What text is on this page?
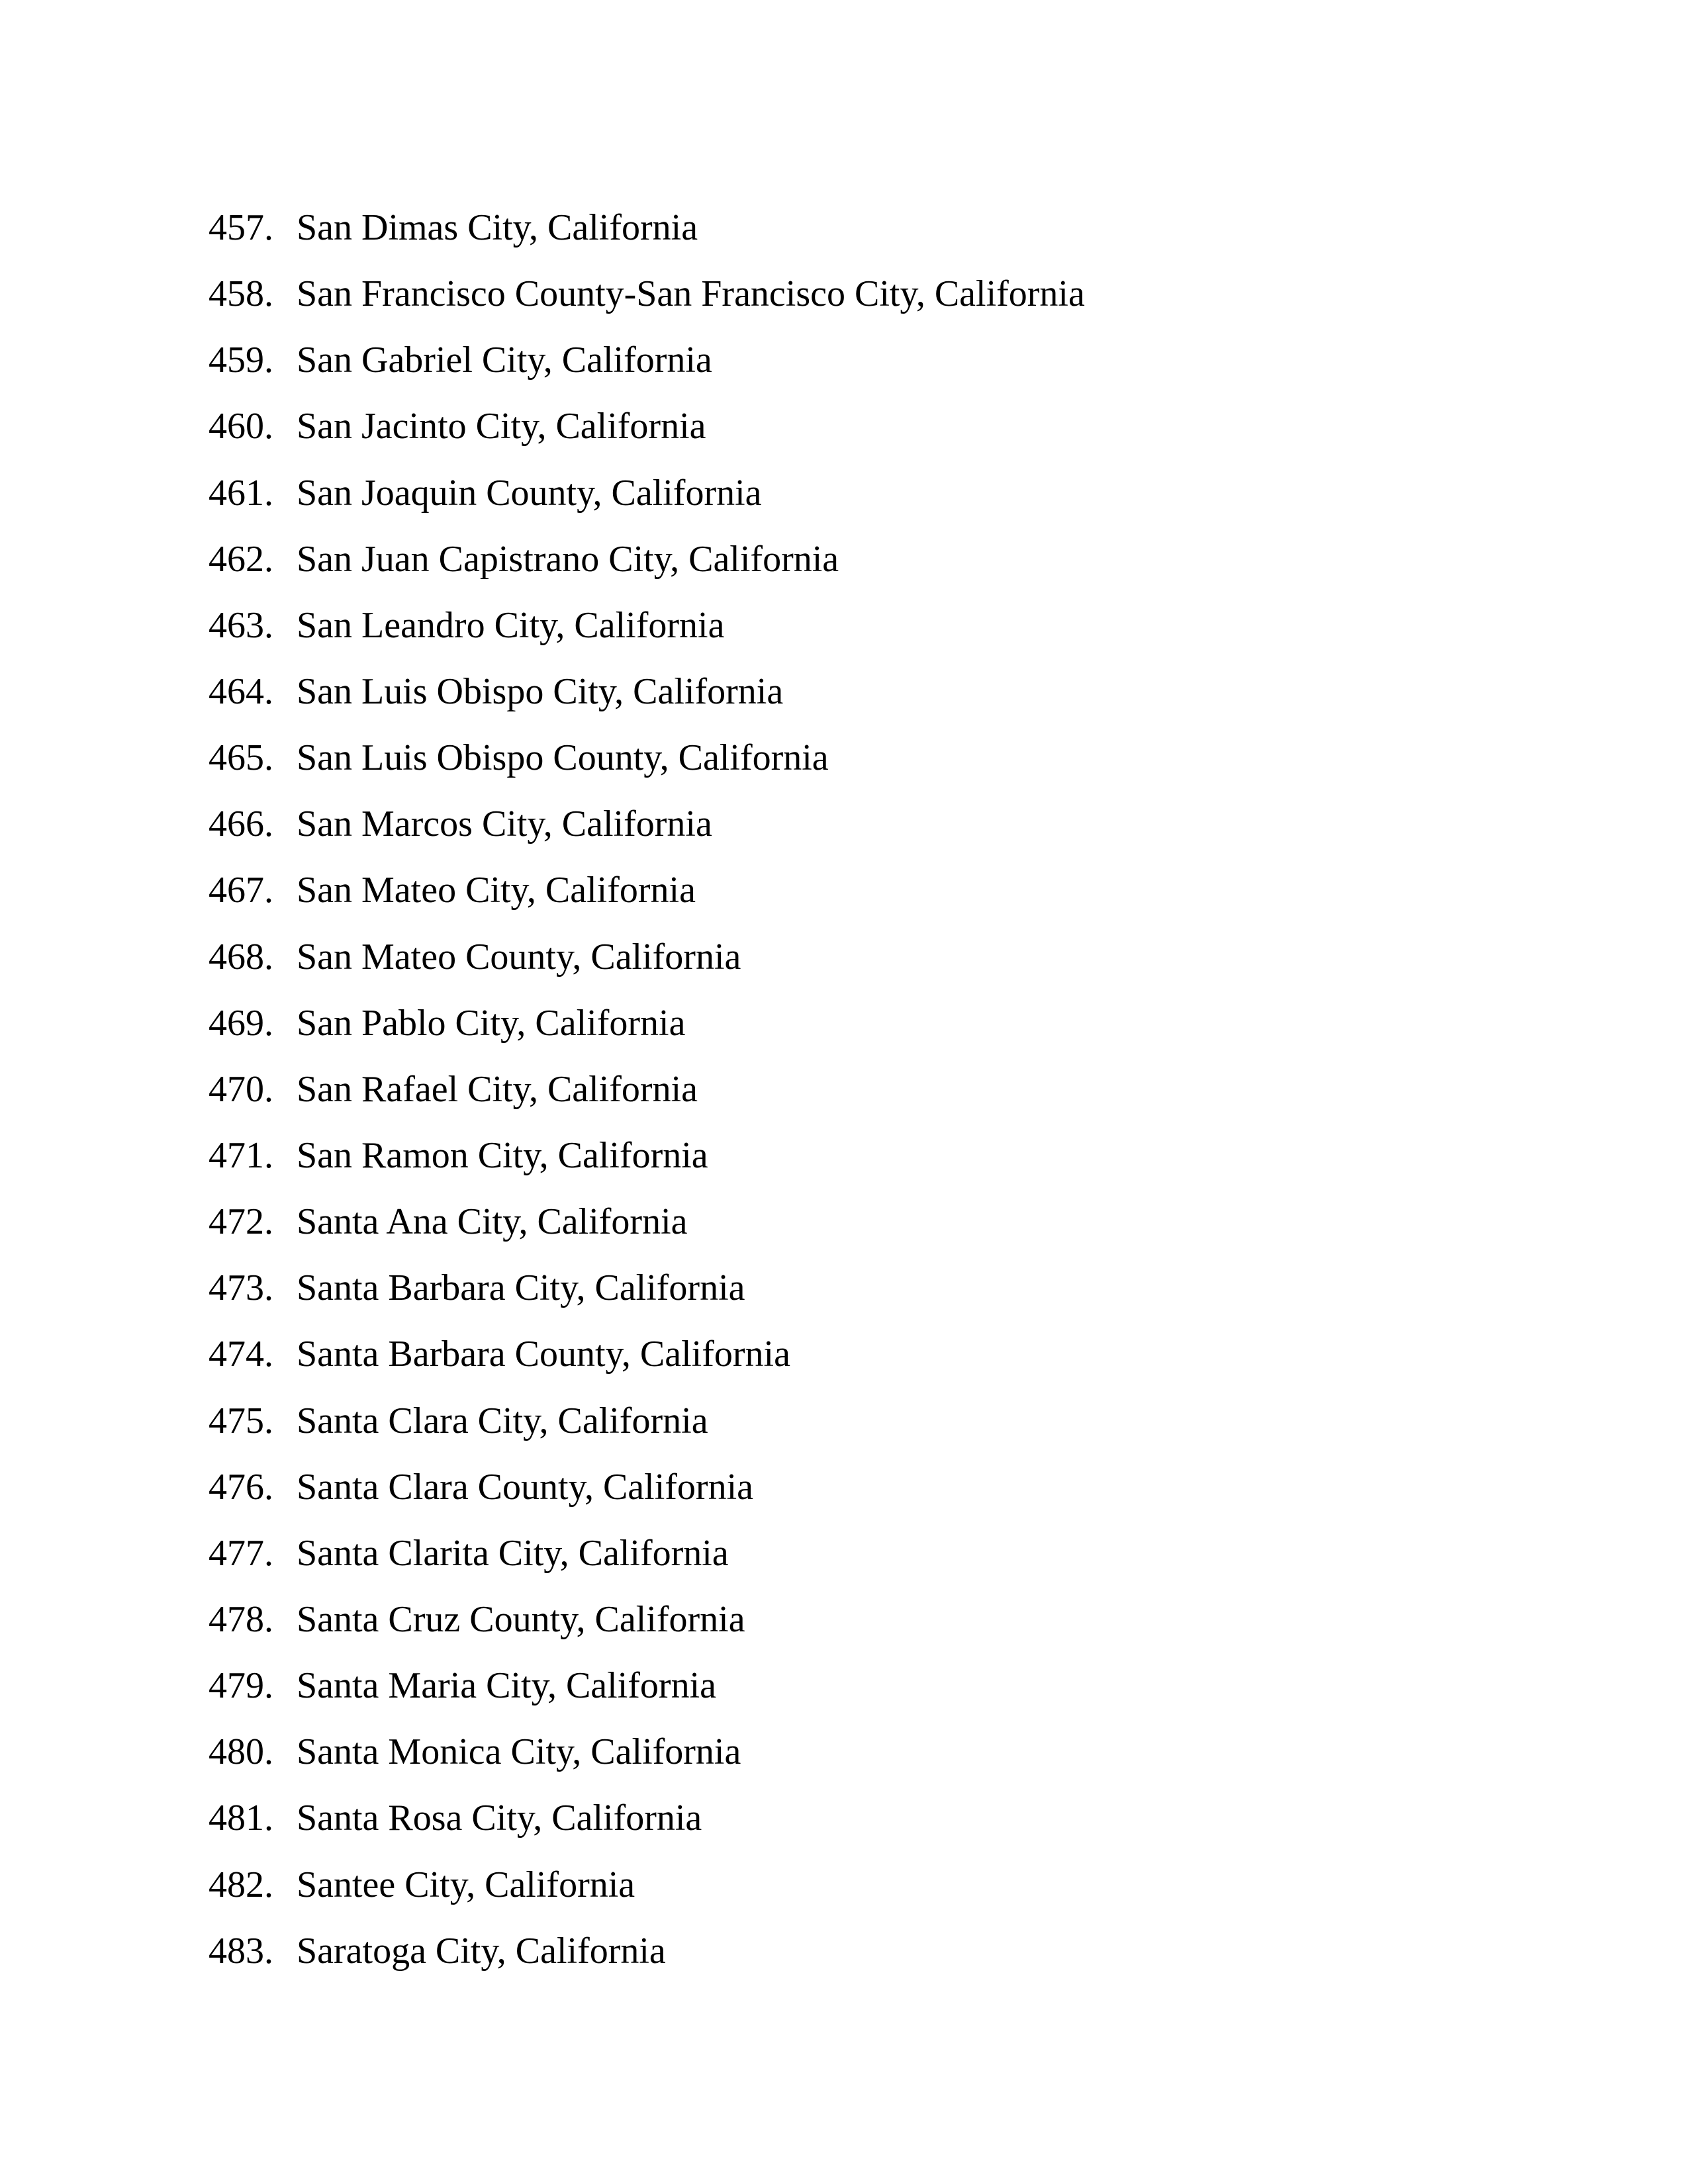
457. San Dimas City, California
458. San Francisco County-San Francisco City, California
459. San Gabriel City, California
460. San Jacinto City, California
461. San Joaquin County, California
462. San Juan Capistrano City, California
463. San Leandro City, California
464. San Luis Obispo City, California
465. San Luis Obispo County, California
466. San Marcos City, California
467. San Mateo City, California
468. San Mateo County, California
469. San Pablo City, California
470. San Rafael City, California
471. San Ramon City, California
472. Santa Ana City, California
473. Santa Barbara City, California
474. Santa Barbara County, California
475. Santa Clara City, California
476. Santa Clara County, California
477. Santa Clarita City, California
478. Santa Cruz County, California
479. Santa Maria City, California
480. Santa Monica City, California
481. Santa Rosa City, California
482. Santee City, California
483. Saratoga City, California
